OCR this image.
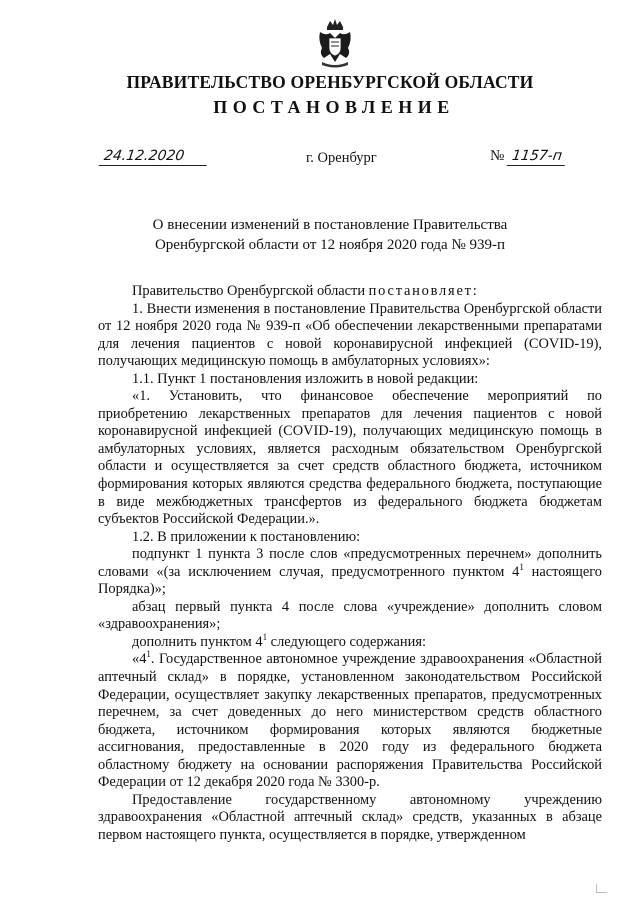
ПРАВИТЕЛЬСТВО ОРЕНБУРГСКОЙ ОБЛАСТИ
ПОСТАНОВЛЕНИЕ
24.12.2020	г. Оренбург	№ 1157-п
О внесении изменений в постановление Правительства
Оренбургской области от 12 ноября 2020 года № 939-п

Правительство Оренбургской области постановляет:

1. Внести изменения в постановление Правительства Оренбургской области от 12 ноября 2020 года № 939-п «Об обеспечении лекарственными препаратами для лечения пациентов с новой коронавирусной инфекцией (COVID-19), получающих медицинскую помощь в амбулаторных условиях»:

1.1. Пункт 1 постановления изложить в новой редакции:

«1. Установить, что финансовое обеспечение мероприятий по приобретению лекарственных препаратов для лечения пациентов с новой коронавирусной инфекцией (COVID-19), получающих медицинскую помощь в амбулаторных условиях, является расходным обязательством Оренбургской области и осуществляется за счет средств областного бюджета, источником формирования которых являются средства федерального бюджета, поступающие в виде межбюджетных трансфертов из федерального бюджета бюджетам субъектов Российской Федерации.».

1.2. В приложении к постановлению:

подпункт 1 пункта 3 после слов «предусмотренных перечнем» дополнить словами «(за исключением случая, предусмотренного пунктом $4^1$ настоящего Порядка)»;

абзац первый пункта 4 после слова «учреждение» дополнить словом «здравоохранения»;

дополнить пунктом $4^1$ следующего содержания:

«$4^1$. Государственное автономное учреждение здравоохранения «Областной аптечный склад» в порядке, установленном законодательством Российской Федерации, осуществляет закупку лекарственных препаратов, предусмотренных перечнем, за счет доведенных до него министерством средств областного бюджета, источником формирования которых являются бюджетные ассигнования, предоставленные в 2020 году из федерального бюджета областному бюджету на основании распоряжения Правительства Российской Федерации от 12 декабря 2020 года № 3300-р.

Предоставление государственному автономному учреждению здравоохранения «Областной аптечный склад» средств, указанных в абзаце первом настоящего пункта, осуществляется в порядке, утвержденном
